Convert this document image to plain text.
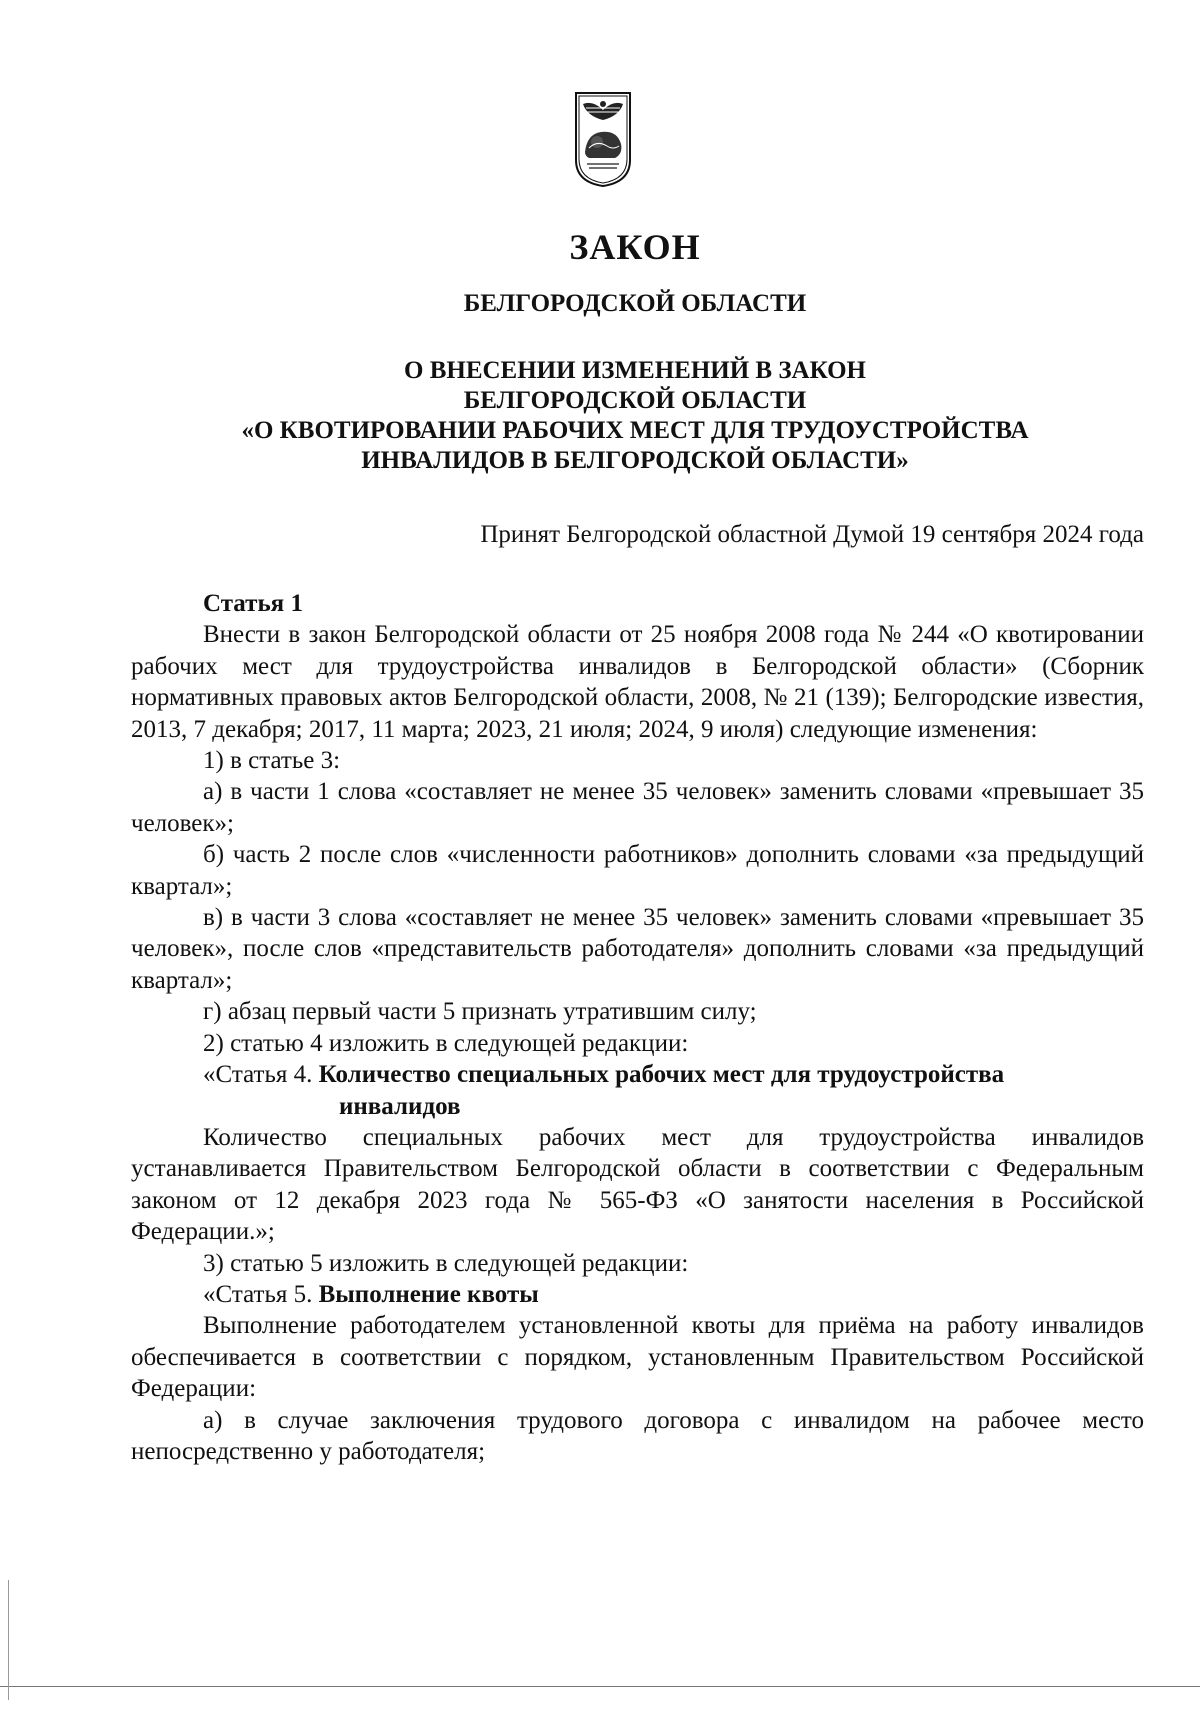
ЗАКОН
БЕЛГОРОДСКОЙ ОБЛАСТИ
О ВНЕСЕНИИ ИЗМЕНЕНИЙ В ЗАКОН
БЕЛГОРОДСКОЙ ОБЛАСТИ
«О КВОТИРОВАНИИ РАБОЧИХ МЕСТ ДЛЯ ТРУДОУСТРОЙСТВА
ИНВАЛИДОВ В БЕЛГОРОДСКОЙ ОБЛАСТИ»
Принят Белгородской областной Думой 19 сентября 2024 года

Статья 1

Внести в закон Белгородской области от 25 ноября 2008 года № 244 «О квотировании рабочих мест для трудоустройства инвалидов в Белгородской области» (Сборник нормативных правовых актов Белгородской области, 2008, № 21 (139); Белгородские известия, 2013, 7 декабря; 2017, 11 марта; 2023, 21 июля; 2024, 9 июля) следующие изменения:

1) в статье 3:

а) в части 1 слова «составляет не менее 35 человек» заменить словами «превышает 35 человек»;

б) часть 2 после слов «численности работников» дополнить словами «за предыдущий квартал»;

в) в части 3 слова «составляет не менее 35 человек» заменить словами «превышает 35 человек», после слов «представительств работодателя» дополнить словами «за предыдущий квартал»;

г) абзац первый части 5 признать утратившим силу;

2) статью 4 изложить в следующей редакции:

«Статья 4. Количество специальных рабочих мест для трудоустройства
инвалидов

Количество специальных рабочих мест для трудоустройства инвалидов устанавливается Правительством Белгородской области в соответствии с Федеральным законом от 12 декабря 2023 года № 565-ФЗ «О занятости населения в Российской Федерации.»;

3) статью 5 изложить в следующей редакции:

«Статья 5. Выполнение квоты

Выполнение работодателем установленной квоты для приёма на работу инвалидов обеспечивается в соответствии с порядком, установленным Правительством Российской Федерации:

а) в случае заключения трудового договора с инвалидом на рабочее место непосредственно у работодателя;
